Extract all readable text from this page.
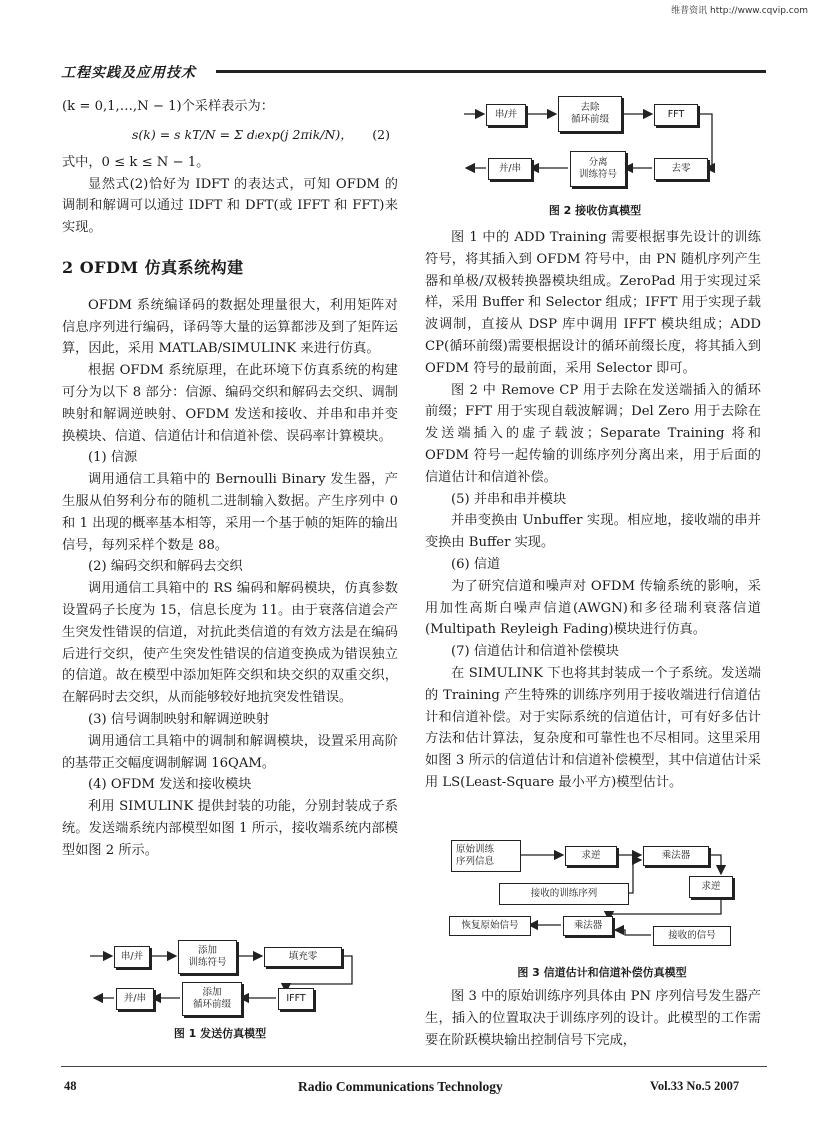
维普资讯 http://www.cqvip.com
工程实践及应用技术

(k = 0,1,…,N − 1)个采样表示为：

s(k) = s kT/N = Σ dᵢexp(j 2πik/N)， (2)

式中，0 ≤ k ≤ N − 1。

显然式(2)恰好为 IDFT 的表达式，可知 OFDM 的调制和解调可以通过 IDFT 和 DFT(或 IFFT 和 FFT)来实现。

2 OFDM 仿真系统构建

OFDM 系统编译码的数据处理量很大，利用矩阵对信息序列进行编码，译码等大量的运算都涉及到了矩阵运算，因此，采用 MATLAB/SIMULINK 来进行仿真。

根据 OFDM 系统原理，在此环境下仿真系统的构建可分为以下 8 部分：信源、编码交织和解码去交织、调制映射和解调逆映射、OFDM 发送和接收、并串和串并变换模块、信道、信道估计和信道补偿、误码率计算模块。

(1) 信源

调用通信工具箱中的 Bernoulli Binary 发生器，产生服从伯努利分布的随机二进制输入数据。产生序列中 0 和 1 出现的概率基本相等，采用一个基于帧的矩阵的输出信号，每列采样个数是 88。

(2) 编码交织和解码去交织

调用通信工具箱中的 RS 编码和解码模块，仿真参数设置码子长度为 15，信息长度为 11。由于衰落信道会产生突发性错误的信道，对抗此类信道的有效方法是在编码后进行交织，使产生突发性错误的信道变换成为错误独立的信道。故在模型中添加矩阵交织和块交织的双重交织，在解码时去交织，从而能够较好地抗突发性错误。

(3) 信号调制映射和解调逆映射

调用通信工具箱中的调制和解调模块，设置采用高阶的基带正交幅度调制解调 16QAM。

(4) OFDM 发送和接收模块

利用 SIMULINK 提供封装的功能，分别封装成子系统。发送端系统内部模型如图 1 所示，接收端系统内部模型如图 2 所示。

串/并
添加
训练符号
填充零
并/串
添加
循环前缀
IFFT
图 1 发送仿真模型
串/并
去除
循环前缀	FFT
并/串
分离
训练符号
去零
图 2 接收仿真模型

图 1 中的 ADD Training 需要根据事先设计的训练符号，将其插入到 OFDM 符号中，由 PN 随机序列产生器和单极/双极转换器模块组成。ZeroPad 用于实现过采样，采用 Buffer 和 Selector 组成；IFFT 用于实现子载波调制，直接从 DSP 库中调用 IFFT 模块组成；ADD CP(循环前缀)需要根据设计的循环前缀长度，将其插入到 OFDM 符号的最前面，采用 Selector 即可。

图 2 中 Remove CP 用于去除在发送端插入的循环前缀；FFT 用于实现自载波解调；Del Zero 用于去除在发送端插入的虚子载波；Separate Training 将和 OFDM 符号一起传输的训练序列分离出来，用于后面的信道估计和信道补偿。

(5) 并串和串并模块

并串变换由 Unbuffer 实现。相应地，接收端的串并变换由 Buffer 实现。

(6) 信道

为了研究信道和噪声对 OFDM 传输系统的影响，采用加性高斯白噪声信道(AWGN)和多径瑞利衰落信道(Multipath Reyleigh Fading)模块进行仿真。

(7) 信道估计和信道补偿模块

在 SIMULINK 下也将其封装成一个子系统。发送端的 Training 产生特殊的训练序列用于接收端进行信道估计和信道补偿。对于实际系统的信道估计，可有好多估计方法和估计算法，复杂度和可靠性也不尽相同。这里采用如图 3 所示的信道估计和信道补偿模型，其中信道估计采用 LS(Least-Square 最小平方)模型估计。

原始训练
序列信息
求逆	乘法器
接收的训练序列
求逆
恢复原始信号	乘法器
接收的信号
图 3 信道估计和信道补偿仿真模型

图 3 中的原始训练序列具体由 PN 序列信号发生器产生，插入的位置取决于训练序列的设计。此模型的工作需要在阶跃模块输出控制信号下完成，

48	Radio Communications Technology	Vol.33 No.5 2007
